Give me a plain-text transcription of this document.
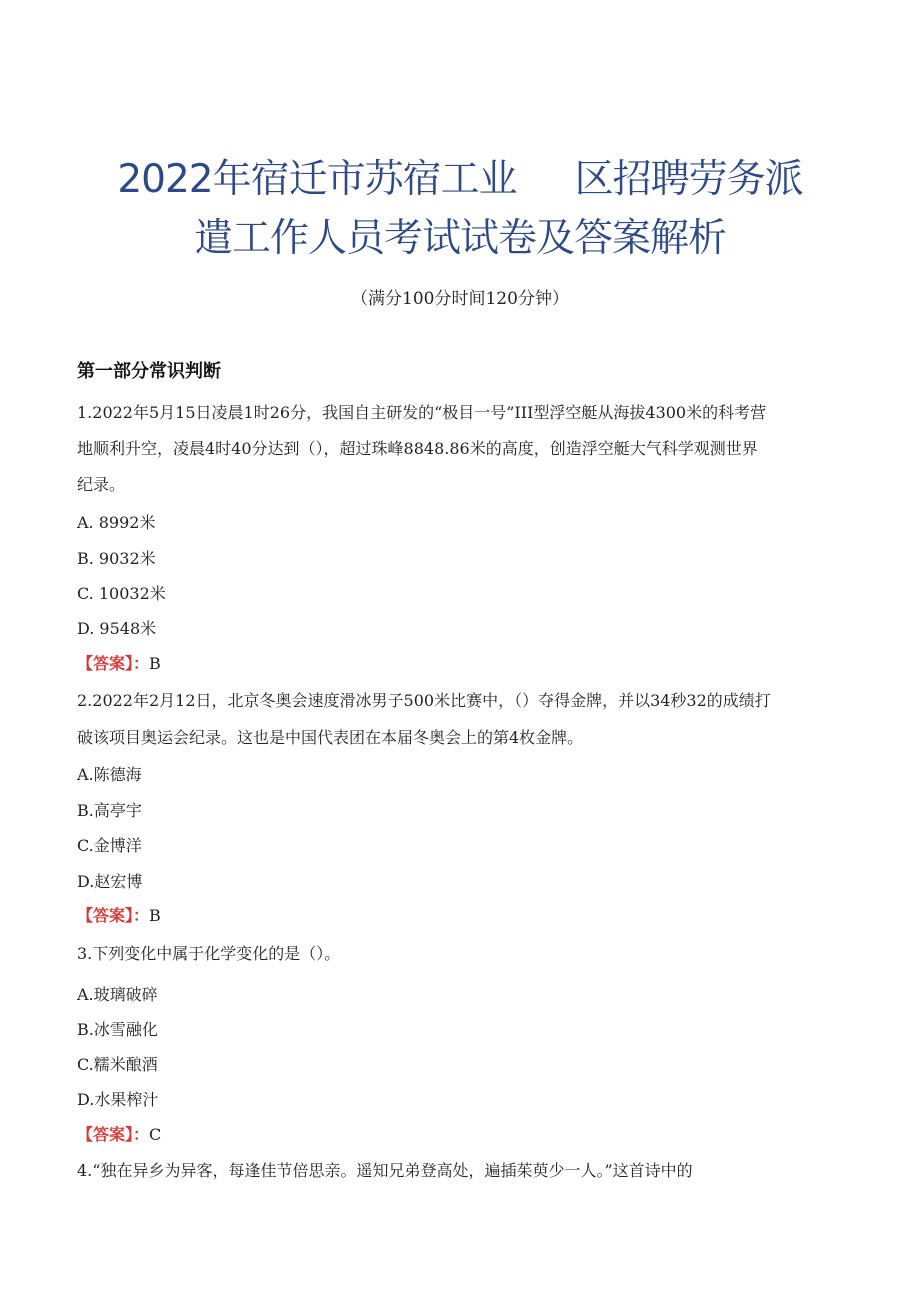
2022年宿迁市苏宿工业 区招聘劳务派
遣工作人员考试试卷及答案解析
（满分100分时间120分钟）
第一部分常识判断
1.2022年5月15日凌晨1时26分，我国自主研发的“极目一号”III型浮空艇从海拔4300米的科考营
地顺利升空，凌晨4时40分达到（），超过珠峰8848.86米的高度，创造浮空艇大气科学观测世界
纪录。
A. 8992米
B. 9032米
C. 10032米
D. 9548米
【答案】：B
2.2022年2月12日，北京冬奥会速度滑冰男子500米比赛中，（）夺得金牌，并以34秒32的成绩打
破该项目奥运会纪录。这也是中国代表团在本届冬奥会上的第4枚金牌。
A.陈德海
B.高亭宇
C.金博洋
D.赵宏博
【答案】：B
3.下列变化中属于化学变化的是（）。
A.玻璃破碎
B.冰雪融化
C.糯米酿酒
D.水果榨汁
【答案】：C
4.“独在异乡为异客，每逢佳节倍思亲。遥知兄弟登高处，遍插茱萸少一人。”这首诗中的
